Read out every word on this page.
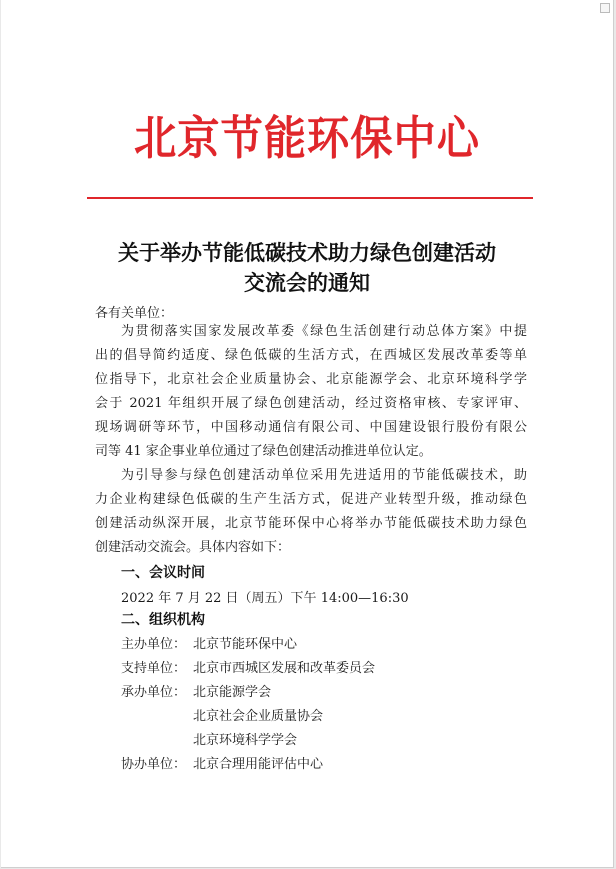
北京节能环保中心
关于举办节能低碳技术助力绿色创建活动
交流会的通知
各有关单位：
为贯彻落实国家发展改革委《绿色生活创建行动总体方案》中提
出的倡导简约适度、绿色低碳的生活方式，在西城区发展改革委等单
位指导下，北京社会企业质量协会、北京能源学会、北京环境科学学
会于 2021 年组织开展了绿色创建活动，经过资格审核、专家评审、
现场调研等环节，中国移动通信有限公司、中国建设银行股份有限公
司等 41 家企事业单位通过了绿色创建活动推进单位认定。
为引导参与绿色创建活动单位采用先进适用的节能低碳技术，助
力企业构建绿色低碳的生产生活方式，促进产业转型升级，推动绿色
创建活动纵深开展，北京节能环保中心将举办节能低碳技术助力绿色
创建活动交流会。具体内容如下：
一、会议时间
2022 年 7 月 22 日（周五）下午 14:00—16:30
二、组织机构
主办单位： 北京节能环保中心
支持单位： 北京市西城区发展和改革委员会
承办单位： 北京能源学会
北京社会企业质量协会
北京环境科学学会
协办单位： 北京合理用能评估中心
